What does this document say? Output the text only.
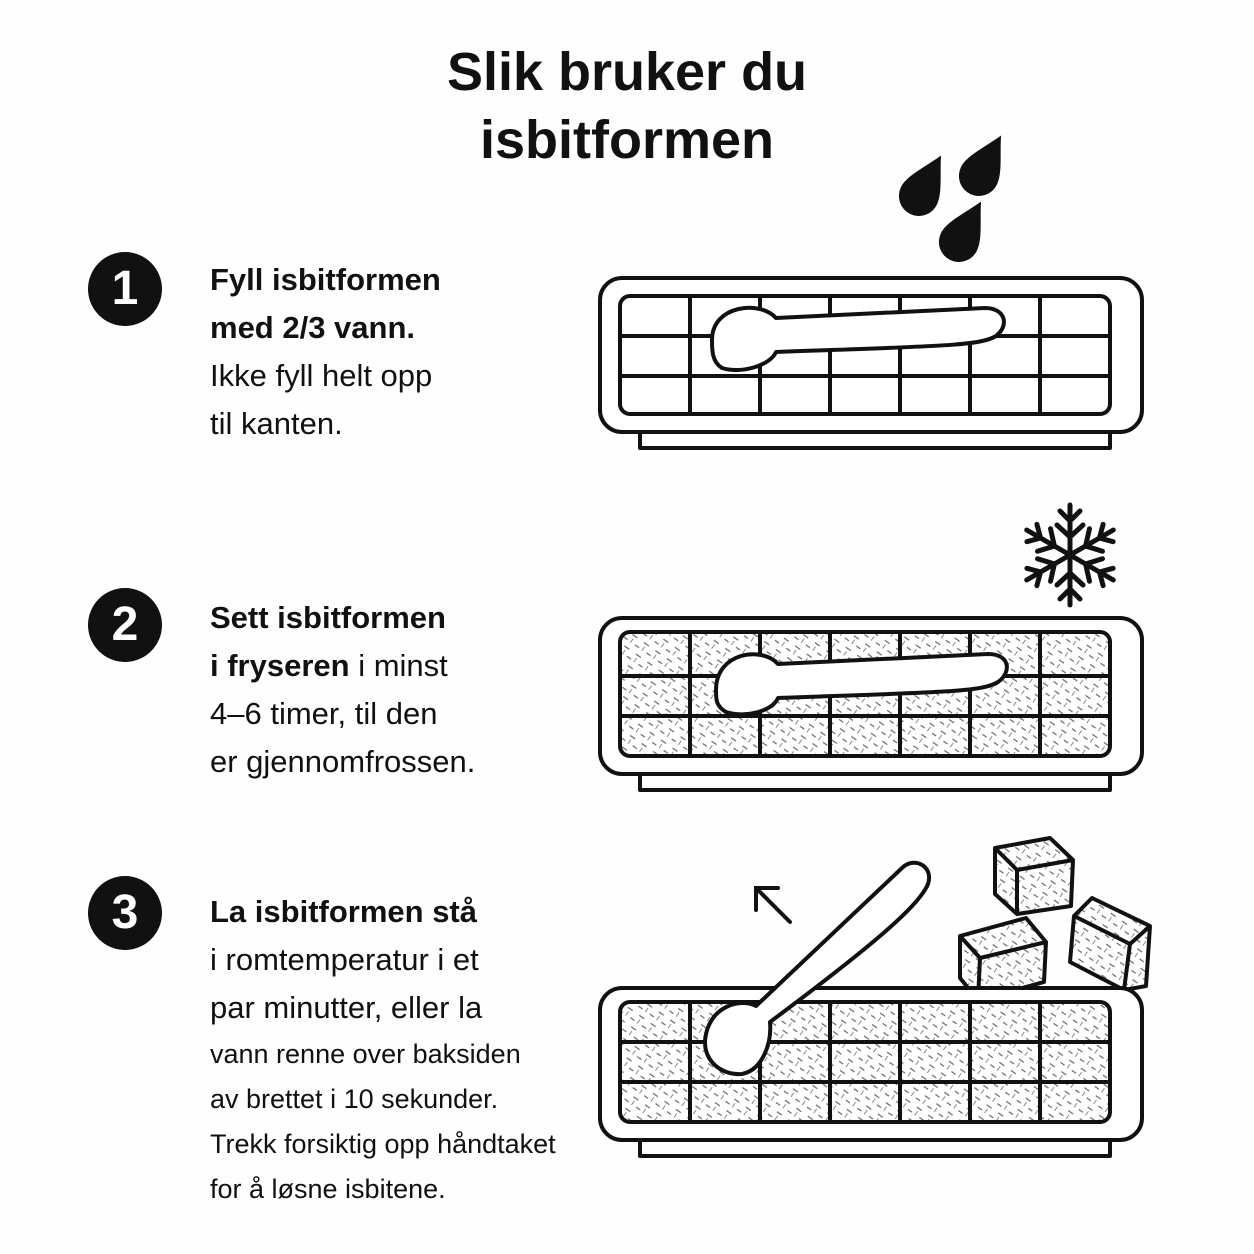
Slik bruker du
isbitformen
1	Fyll isbitformen
med 2/3 vann.
Ikke fyll helt opp
til kanten.
2	Sett isbitformen
i fryseren i minst
4–6 timer, til den
er gjennomfrossen.
3	La isbitformen stå
i romtemperatur i et
par minutter, eller la
vann renne over baksiden
av brettet i 10 sekunder.
Trekk forsiktig opp håndtaket
for å løsne isbitene.
